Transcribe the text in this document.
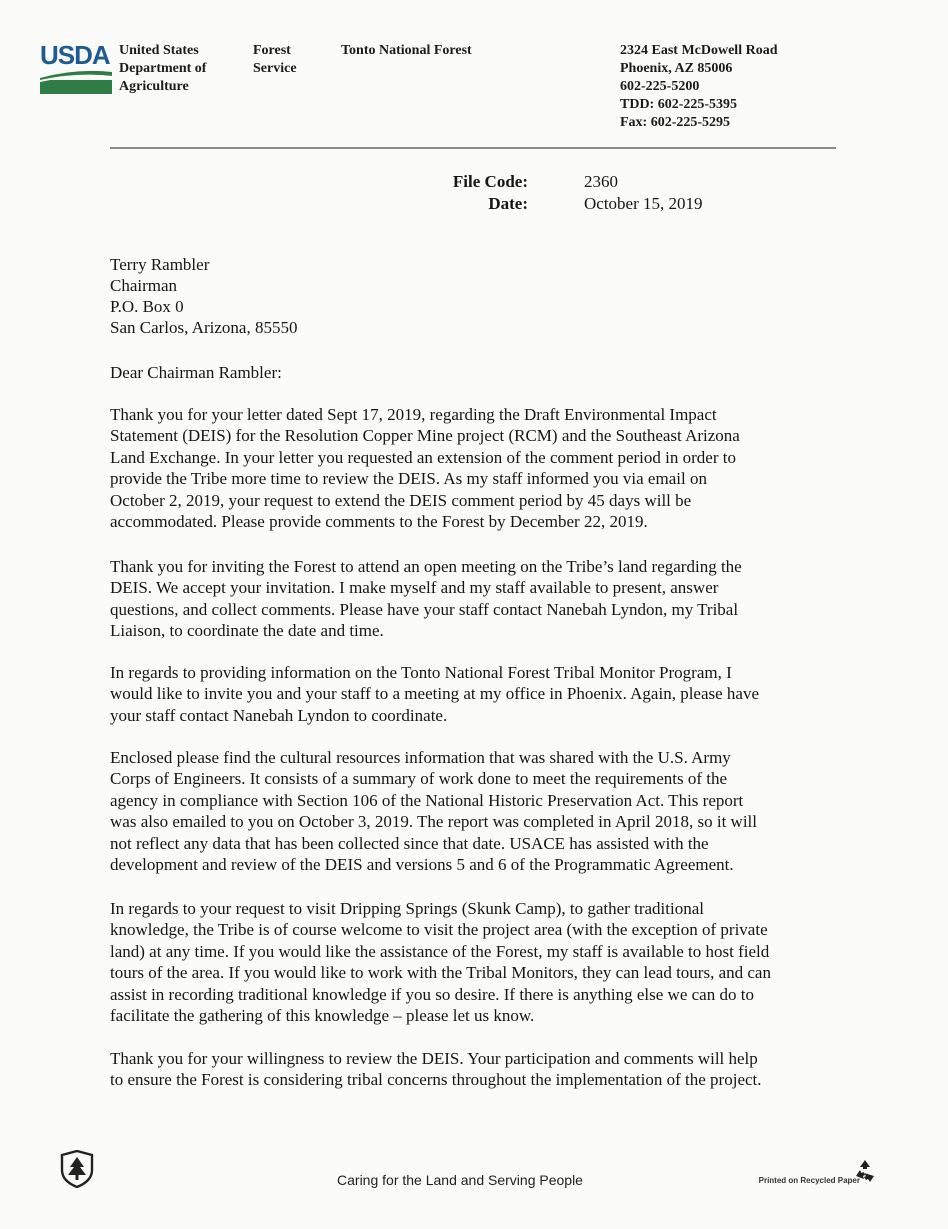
USDA United States
Department of
Agriculture
Forest
Service
Tonto National Forest	2324 East McDowell Road
Phoenix, AZ 85006
602-225-5200
TDD: 602-225-5395
Fax: 602-225-5295
File Code:	2360
Date:	October 15, 2019
Terry Rambler
Chairman
P.O. Box 0
San Carlos, Arizona, 85550
Dear Chairman Rambler:
Thank you for your letter dated Sept 17, 2019, regarding the Draft Environmental Impact
Statement (DEIS) for the Resolution Copper Mine project (RCM) and the Southeast Arizona
Land Exchange. In your letter you requested an extension of the comment period in order to
provide the Tribe more time to review the DEIS. As my staff informed you via email on
October 2, 2019, your request to extend the DEIS comment period by 45 days will be
accommodated. Please provide comments to the Forest by December 22, 2019.
Thank you for inviting the Forest to attend an open meeting on the Tribe’s land regarding the
DEIS. We accept your invitation. I make myself and my staff available to present, answer
questions, and collect comments. Please have your staff contact Nanebah Lyndon, my Tribal
Liaison, to coordinate the date and time.
In regards to providing information on the Tonto National Forest Tribal Monitor Program, I
would like to invite you and your staff to a meeting at my office in Phoenix. Again, please have
your staff contact Nanebah Lyndon to coordinate.
Enclosed please find the cultural resources information that was shared with the U.S. Army
Corps of Engineers. It consists of a summary of work done to meet the requirements of the
agency in compliance with Section 106 of the National Historic Preservation Act. This report
was also emailed to you on October 3, 2019. The report was completed in April 2018, so it will
not reflect any data that has been collected since that date. USACE has assisted with the
development and review of the DEIS and versions 5 and 6 of the Programmatic Agreement.
In regards to your request to visit Dripping Springs (Skunk Camp), to gather traditional
knowledge, the Tribe is of course welcome to visit the project area (with the exception of private
land) at any time. If you would like the assistance of the Forest, my staff is available to host field
tours of the area. If you would like to work with the Tribal Monitors, they can lead tours, and can
assist in recording traditional knowledge if you so desire. If there is anything else we can do to
facilitate the gathering of this knowledge – please let us know.
Thank you for your willingness to review the DEIS. Your participation and comments will help
to ensure the Forest is considering tribal concerns throughout the implementation of the project.
Caring for the Land and Serving People	Printed on Recycled Paper
